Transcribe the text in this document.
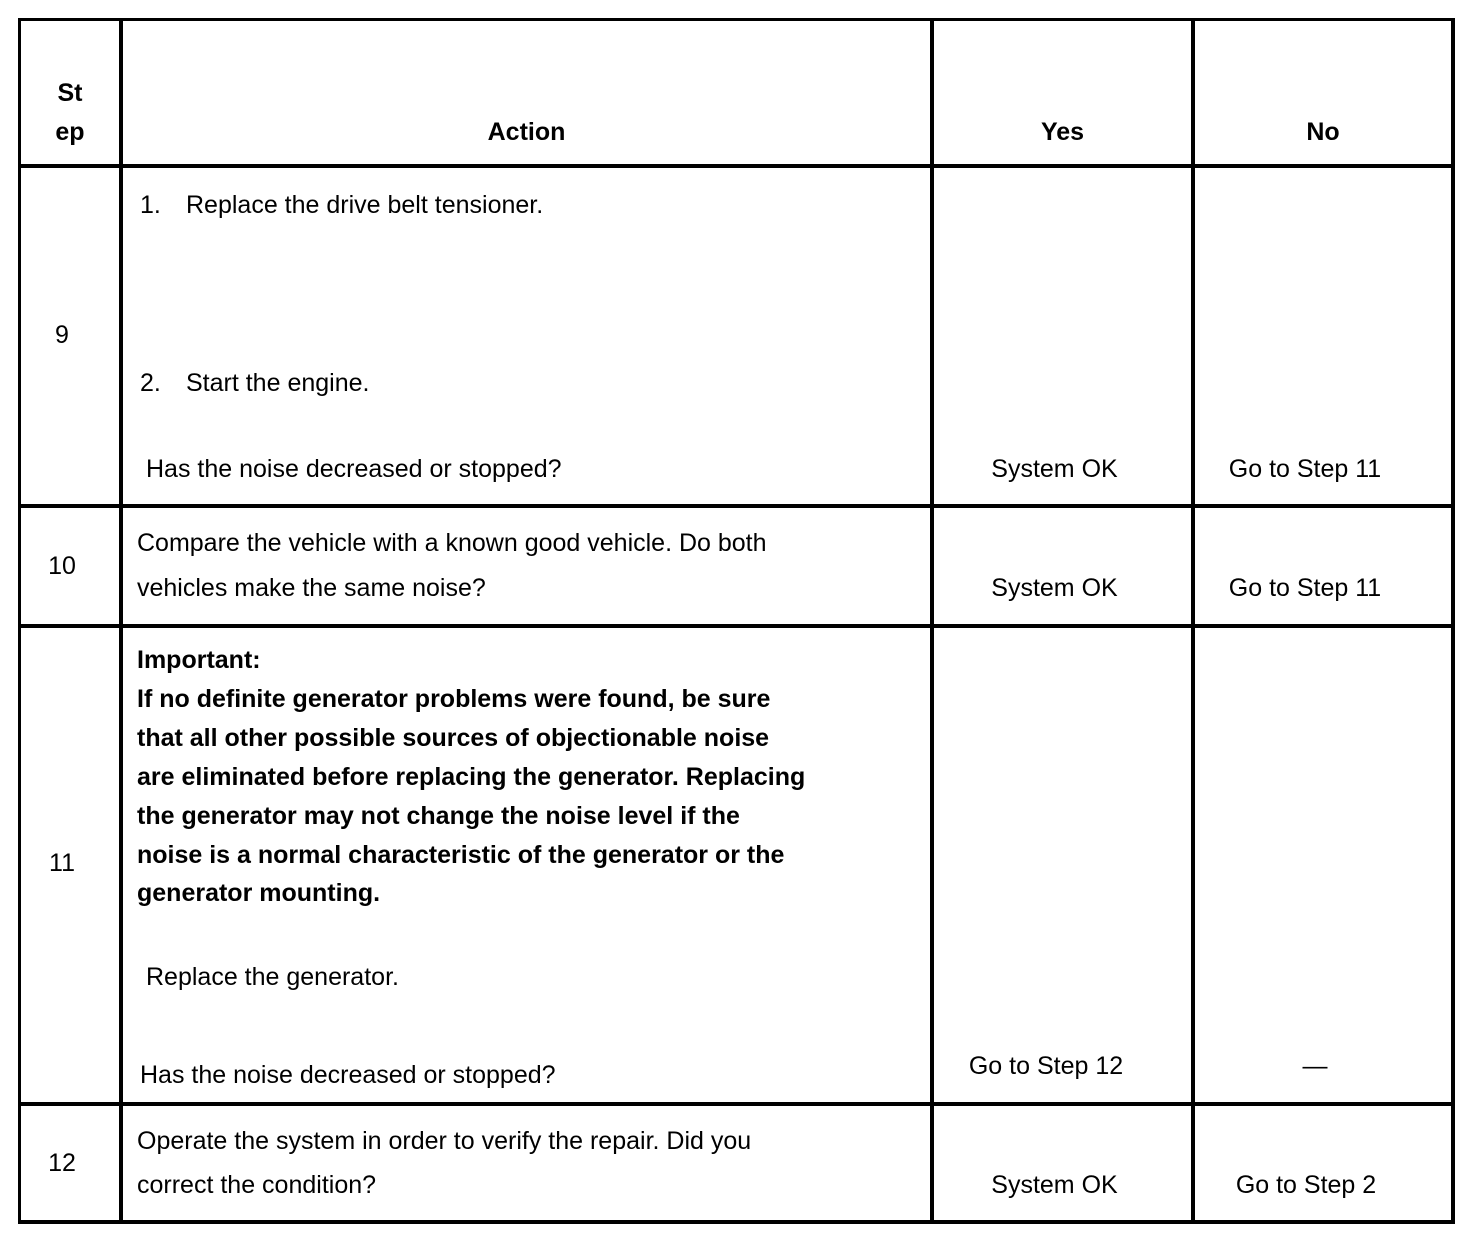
St
ep	Action	Yes	No
9
1. Replace the drive belt tensioner.
2. Start the engine.
Has the noise decreased or stopped?	System OK	Go to Step 11
10
Compare the vehicle with a known good vehicle. Do both
vehicles make the same noise?	System OK	Go to Step 11
11
Important:
If no definite generator problems were found, be sure
that all other possible sources of objectionable noise
are eliminated before replacing the generator. Replacing
the generator may not change the noise level if the
noise is a normal characteristic of the generator or the
generator mounting.
Replace the generator.
Has the noise decreased or stopped?	Go to Step 12	—
12
Operate the system in order to verify the repair. Did you
correct the condition?	System OK	Go to Step 2
